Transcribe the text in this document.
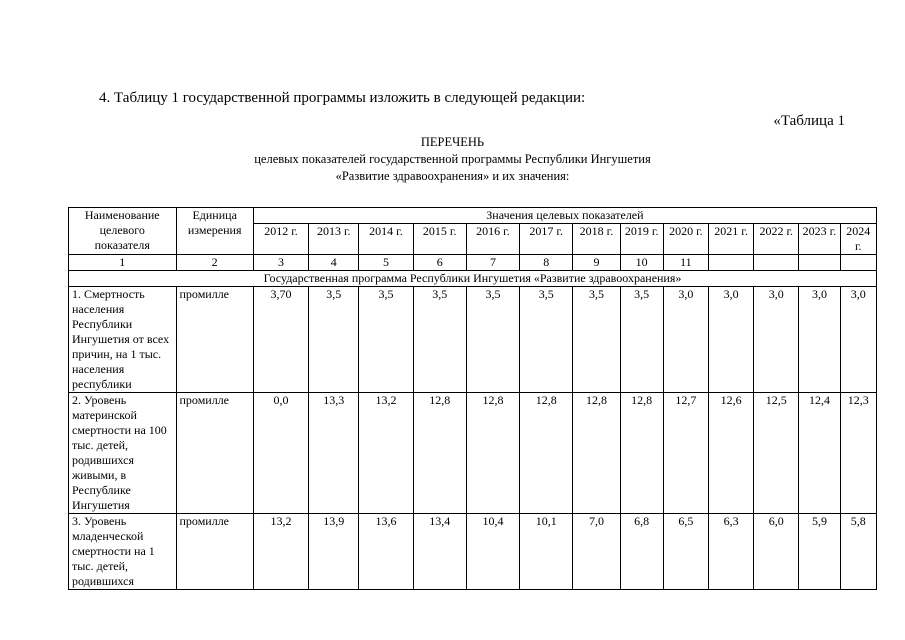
4. Таблицу 1 государственной программы изложить в следующей редакции:
«Таблица 1
ПЕРЕЧЕНЬ
целевых показателей государственной программы Республики Ингушетия
«Развитие здравоохранения» и их значения:
Наименование целевого показателя	Единица измерения	Значения целевых показателей												
		2012 г.	2013 г.	2014 г.	2015 г.	2016 г.	2017 г.	2018 г.	2019 г.	2020 г.	2021 г.	2022 г.	2023 г.	2024 г.
1	2	3	4	5	6	7	8	9	10	11				
Государственная программа Республики Ингушетия «Развитие здравоохранения»														
1. Смертность населения Республики Ингушетия от всех причин, на 1 тыс. населения республики	промилле	3,70	3,5	3,5	3,5	3,5	3,5	3,5	3,5	3,0	3,0	3,0	3,0	3,0
2. Уровень материнской смертности на 100 тыс. детей, родившихся живыми, в Республике Ингушетия	промилле	0,0	13,3	13,2	12,8	12,8	12,8	12,8	12,8	12,7	12,6	12,5	12,4	12,3
3. Уровень младенческой смертности на 1 тыс. детей, родившихся	промилле	13,2	13,9	13,6	13,4	10,4	10,1	7,0	6,8	6,5	6,3	6,0	5,9	5,8
